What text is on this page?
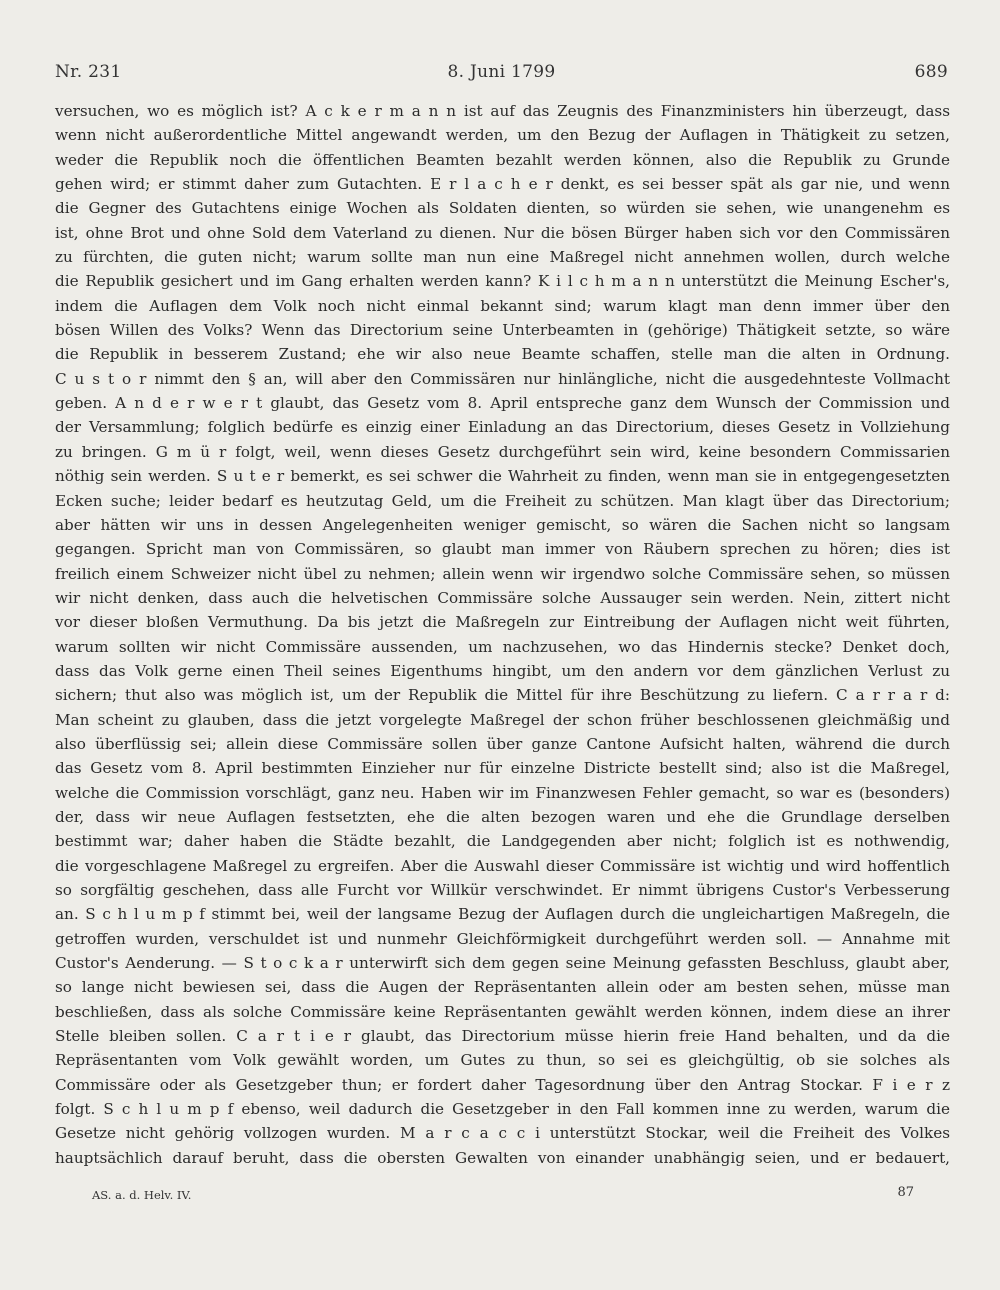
Nr. 231	8. Juni 1799	689
versuchen, wo es möglich ist? A c k e r m a n n ist auf das Zeugnis des Finanzministers hin überzeugt, dass
wenn nicht außerordentliche Mittel angewandt werden, um den Bezug der Auflagen in Thätigkeit zu setzen,
weder die Republik noch die öffentlichen Beamten bezahlt werden können, also die Republik zu Grunde
gehen wird; er stimmt daher zum Gutachten. E r l a c h e r denkt, es sei besser spät als gar nie, und wenn
die Gegner des Gutachtens einige Wochen als Soldaten dienten, so würden sie sehen, wie unangenehm es
ist, ohne Brot und ohne Sold dem Vaterland zu dienen. Nur die bösen Bürger haben sich vor den Commissären
zu fürchten, die guten nicht; warum sollte man nun eine Maßregel nicht annehmen wollen, durch welche
die Republik gesichert und im Gang erhalten werden kann? K i l c h m a n n unterstützt die Meinung Escher's,
indem die Auflagen dem Volk noch nicht einmal bekannt sind; warum klagt man denn immer über den
bösen Willen des Volks? Wenn das Directorium seine Unterbeamten in (gehörige) Thätigkeit setzte, so wäre
die Republik in besserem Zustand; ehe wir also neue Beamte schaffen, stelle man die alten in Ordnung.
C u s t o r nimmt den § an, will aber den Commissären nur hinlängliche, nicht die ausgedehnteste Vollmacht
geben. A n d e r w e r t glaubt, das Gesetz vom 8. April entspreche ganz dem Wunsch der Commission und
der Versammlung; folglich bedürfe es einzig einer Einladung an das Directorium, dieses Gesetz in Vollziehung
zu bringen. G m ü r folgt, weil, wenn dieses Gesetz durchgeführt sein wird, keine besondern Commissarien
nöthig sein werden. S u t e r bemerkt, es sei schwer die Wahrheit zu finden, wenn man sie in entgegengesetzten
Ecken suche; leider bedarf es heutzutag Geld, um die Freiheit zu schützen. Man klagt über das Directorium;
aber hätten wir uns in dessen Angelegenheiten weniger gemischt, so wären die Sachen nicht so langsam
gegangen. Spricht man von Commissären, so glaubt man immer von Räubern sprechen zu hören; dies ist
freilich einem Schweizer nicht übel zu nehmen; allein wenn wir irgendwo solche Commissäre sehen, so müssen
wir nicht denken, dass auch die helvetischen Commissäre solche Aussauger sein werden. Nein, zittert nicht
vor dieser bloßen Vermuthung. Da bis jetzt die Maßregeln zur Eintreibung der Auflagen nicht weit führten,
warum sollten wir nicht Commissäre aussenden, um nachzusehen, wo das Hindernis stecke? Denket doch,
dass das Volk gerne einen Theil seines Eigenthums hingibt, um den andern vor dem gänzlichen Verlust zu
sichern; thut also was möglich ist, um der Republik die Mittel für ihre Beschützung zu liefern. C a r r a r d:
Man scheint zu glauben, dass die jetzt vorgelegte Maßregel der schon früher beschlossenen gleichmäßig und
also überflüssig sei; allein diese Commissäre sollen über ganze Cantone Aufsicht halten, während die durch
das Gesetz vom 8. April bestimmten Einzieher nur für einzelne Districte bestellt sind; also ist die Maßregel,
welche die Commission vorschlägt, ganz neu. Haben wir im Finanzwesen Fehler gemacht, so war es (besonders)
der, dass wir neue Auflagen festsetzten, ehe die alten bezogen waren und ehe die Grundlage derselben
bestimmt war; daher haben die Städte bezahlt, die Landgegenden aber nicht; folglich ist es nothwendig,
die vorgeschlagene Maßregel zu ergreifen. Aber die Auswahl dieser Commissäre ist wichtig und wird hoffentlich
so sorgfältig geschehen, dass alle Furcht vor Willkür verschwindet. Er nimmt übrigens Custor's Verbesserung
an. S c h l u m p f stimmt bei, weil der langsame Bezug der Auflagen durch die ungleichartigen Maßregeln, die
getroffen wurden, verschuldet ist und nunmehr Gleichförmigkeit durchgeführt werden soll. — Annahme mit
Custor's Aenderung. — S t o c k a r unterwirft sich dem gegen seine Meinung gefassten Beschluss, glaubt aber,
so lange nicht bewiesen sei, dass die Augen der Repräsentanten allein oder am besten sehen, müsse man
beschließen, dass als solche Commissäre keine Repräsentanten gewählt werden können, indem diese an ihrer
Stelle bleiben sollen. C a r t i e r glaubt, das Directorium müsse hierin freie Hand behalten, und da die
Repräsentanten vom Volk gewählt worden, um Gutes zu thun, so sei es gleichgültig, ob sie solches als
Commissäre oder als Gesetzgeber thun; er fordert daher Tagesordnung über den Antrag Stockar. F i e r z
folgt. S c h l u m p f ebenso, weil dadurch die Gesetzgeber in den Fall kommen inne zu werden, warum die
Gesetze nicht gehörig vollzogen wurden. M a r c a c c i unterstützt Stockar, weil die Freiheit des Volkes
hauptsächlich darauf beruht, dass die obersten Gewalten von einander unabhängig seien, und er bedauert,
AS. a. d. Helv. IV.	87
